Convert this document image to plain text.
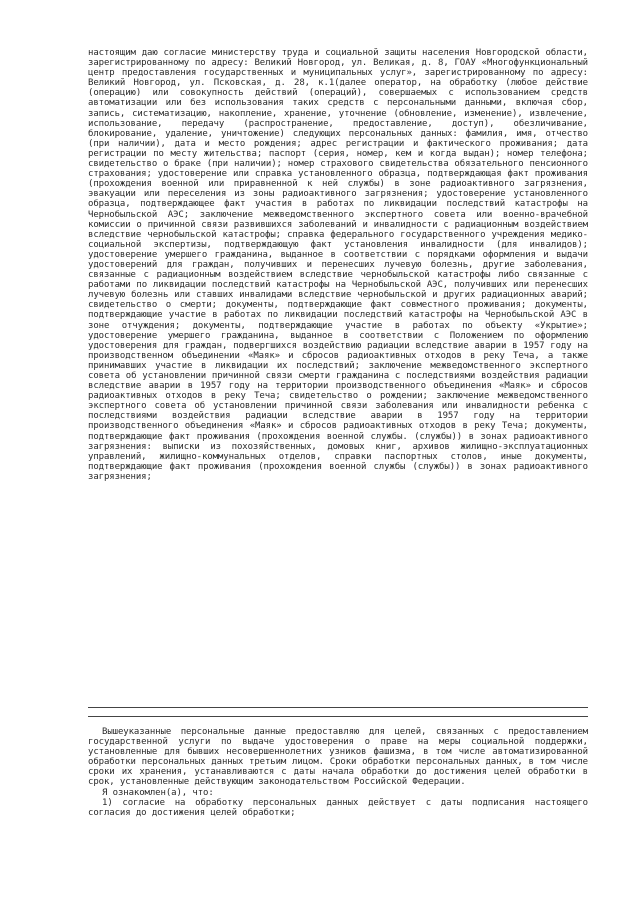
настоящим даю согласие министерству труда и социальной защиты населения Новгородской области, зарегистрированному по адресу: Великий Новгород, ул. Великая, д. 8, ГОАУ «Многофункциональный центр предоставления государственных и муниципальных услуг», зарегистрированному по адресу: Великий Новгород, ул. Псковская, д. 28, к.1(далее оператор, на обработку (любое действие (операцию) или совокупность действий (операций), совершаемых с использованием средств автоматизации или без использования таких средств с персональными данными, включая сбор, запись, систематизацию, накопление, хранение, уточнение (обновление, изменение), извлечение, использование, передачу (распространение, предоставление, доступ), обезличивание, блокирование, удаление, уничтожение) следующих персональных данных: фамилия, имя, отчество (при наличии), дата и место рождения; адрес регистрации и фактического проживания; дата регистрации по месту жительства; паспорт (серия, номер, кем и когда выдан); номер телефона; свидетельство о браке (при наличии); номер страхового свидетельства обязательного пенсионного страхования; удостоверение или справка установленного образца, подтверждающая факт проживания (прохождения военной или приравненной к ней службы) в зоне радиоактивного загрязнения, эвакуации или переселения из зоны радиоактивного загрязнения; удостоверение установленного образца, подтверждающее факт участия в работах по ликвидации последствий катастрофы на Чернобыльской АЭС; заключение межведомственного экспертного совета или военно-врачебной комиссии о причинной связи развившихся заболеваний и инвалидности с радиационным воздействием вследствие чернобыльской катастрофы; справка федерального государственного учреждения медико-социальной экспертизы, подтверждающую факт установления инвалидности (для инвалидов); удостоверение умершего гражданина, выданное в соответствии с порядками оформления и выдачи удостоверений для граждан, получивших и перенесших лучевую болезнь, другие заболевания, связанные с радиационным воздействием вследствие чернобыльской катастрофы либо связанные с работами по ликвидации последствий катастрофы на Чернобыльской АЭС, получивших или перенесших лучевую болезнь или ставших инвалидами вследствие чернобыльской и других радиационных аварий; свидетельство о смерти; документы, подтверждающие факт совместного проживания; документы, подтверждающие участие в работах по ликвидации последствий катастрофы на Чернобыльской АЭС в зоне отчуждения; документы, подтверждающие участие в работах по объекту «Укрытие»; удостоверение умершего гражданина, выданное в соответствии с Положением по оформлению удостоверения для граждан, подвергшихся воздействию радиации вследствие аварии в 1957 году на производственном объединении «Маяк» и сбросов радиоактивных отходов в реку Теча, а также принимавших участие в ликвидации их последствий; заключение межведомственного экспертного совета об установлении причинной связи смерти гражданина с последствиями воздействия радиации вследствие аварии в 1957 году на территории производственного объединения «Маяк» и сбросов радиоактивных отходов в реку Теча; свидетельство о рождении; заключение межведомственного экспертного совета об установлении причинной связи заболевания или инвалидности ребенка с последствиями воздействия радиации вследствие аварии в 1957 году на территории производственного объединения «Маяк» и сбросов радиоактивных отходов в реку Теча; документы, подтверждающие факт проживания (прохождения военной службы. (службы)) в зонах радиоактивного загрязнения: выписки из похозяйственных, домовых книг, архивов жилищно-эксплуатационных управлений, жилищно-коммунальных отделов, справки паспортных столов, иные документы, подтверждающие факт проживания (прохождения военной службы (службы)) в зонах радиоактивного загрязнения;

Вышеуказанные персональные данные предоставляю для целей, связанных с предоставлением государственной услуги по выдаче удостоверения о праве на меры социальной поддержки, установленные для бывших несовершеннолетних узников фашизма, в том числе автоматизированной обработки персональных данных третьим лицом. Сроки обработки персональных данных, в том числе сроки их хранения, устанавливаются с даты начала обработки до достижения целей обработки в срок, установленные действующим законодательством Российской Федерации.

Я ознакомлен(а), что:

1) согласие на обработку персональных данных действует с даты подписания настоящего согласия до достижения целей обработки;
